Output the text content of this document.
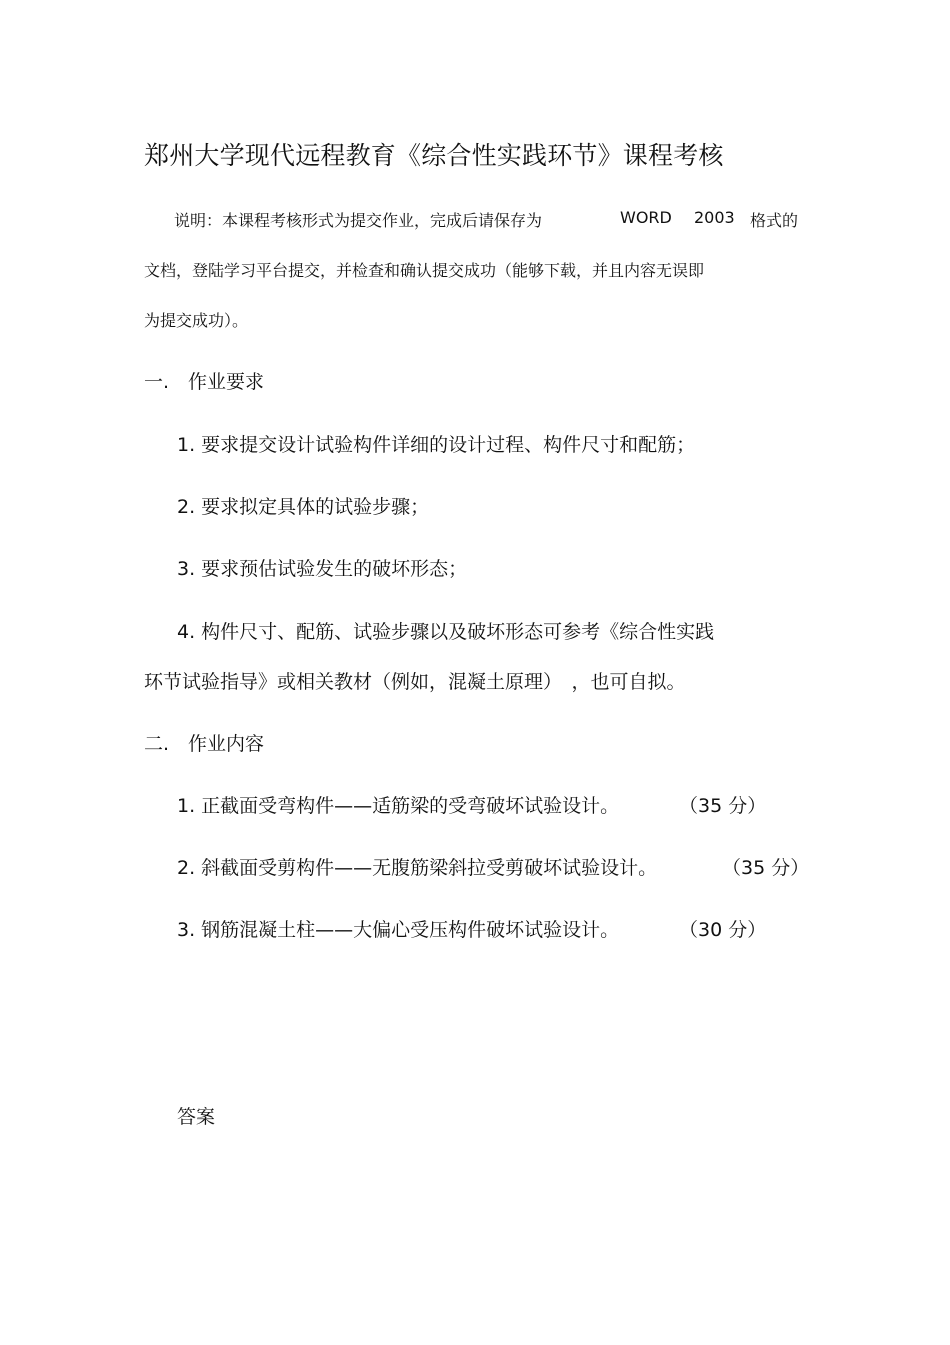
郑州大学现代远程教育《综合性实践环节》课程考核
说明：本课程考核形式为提交作业，完成后请保存为	WORD 2003 格式的
文档，登陆学习平台提交，并检查和确认提交成功（能够下载，并且内容无误即
为提交成功）。
一. 作业要求
1. 要求提交设计试验构件详细的设计过程、构件尺寸和配筋；
2. 要求拟定具体的试验步骤；
3. 要求预估试验发生的破坏形态；
4. 构件尺寸、配筋、试验步骤以及破坏形态可参考《综合性实践
环节试验指导》或相关教材（例如，混凝土原理）　，也可自拟。
二. 作业内容
1. 正截面受弯构件——适筋梁的受弯破坏试验设计。	（35 分）
2. 斜截面受剪构件——无腹筋梁斜拉受剪破坏试验设计。	（35 分）
3. 钢筋混凝土柱——大偏心受压构件破坏试验设计。	（30 分）
答案
